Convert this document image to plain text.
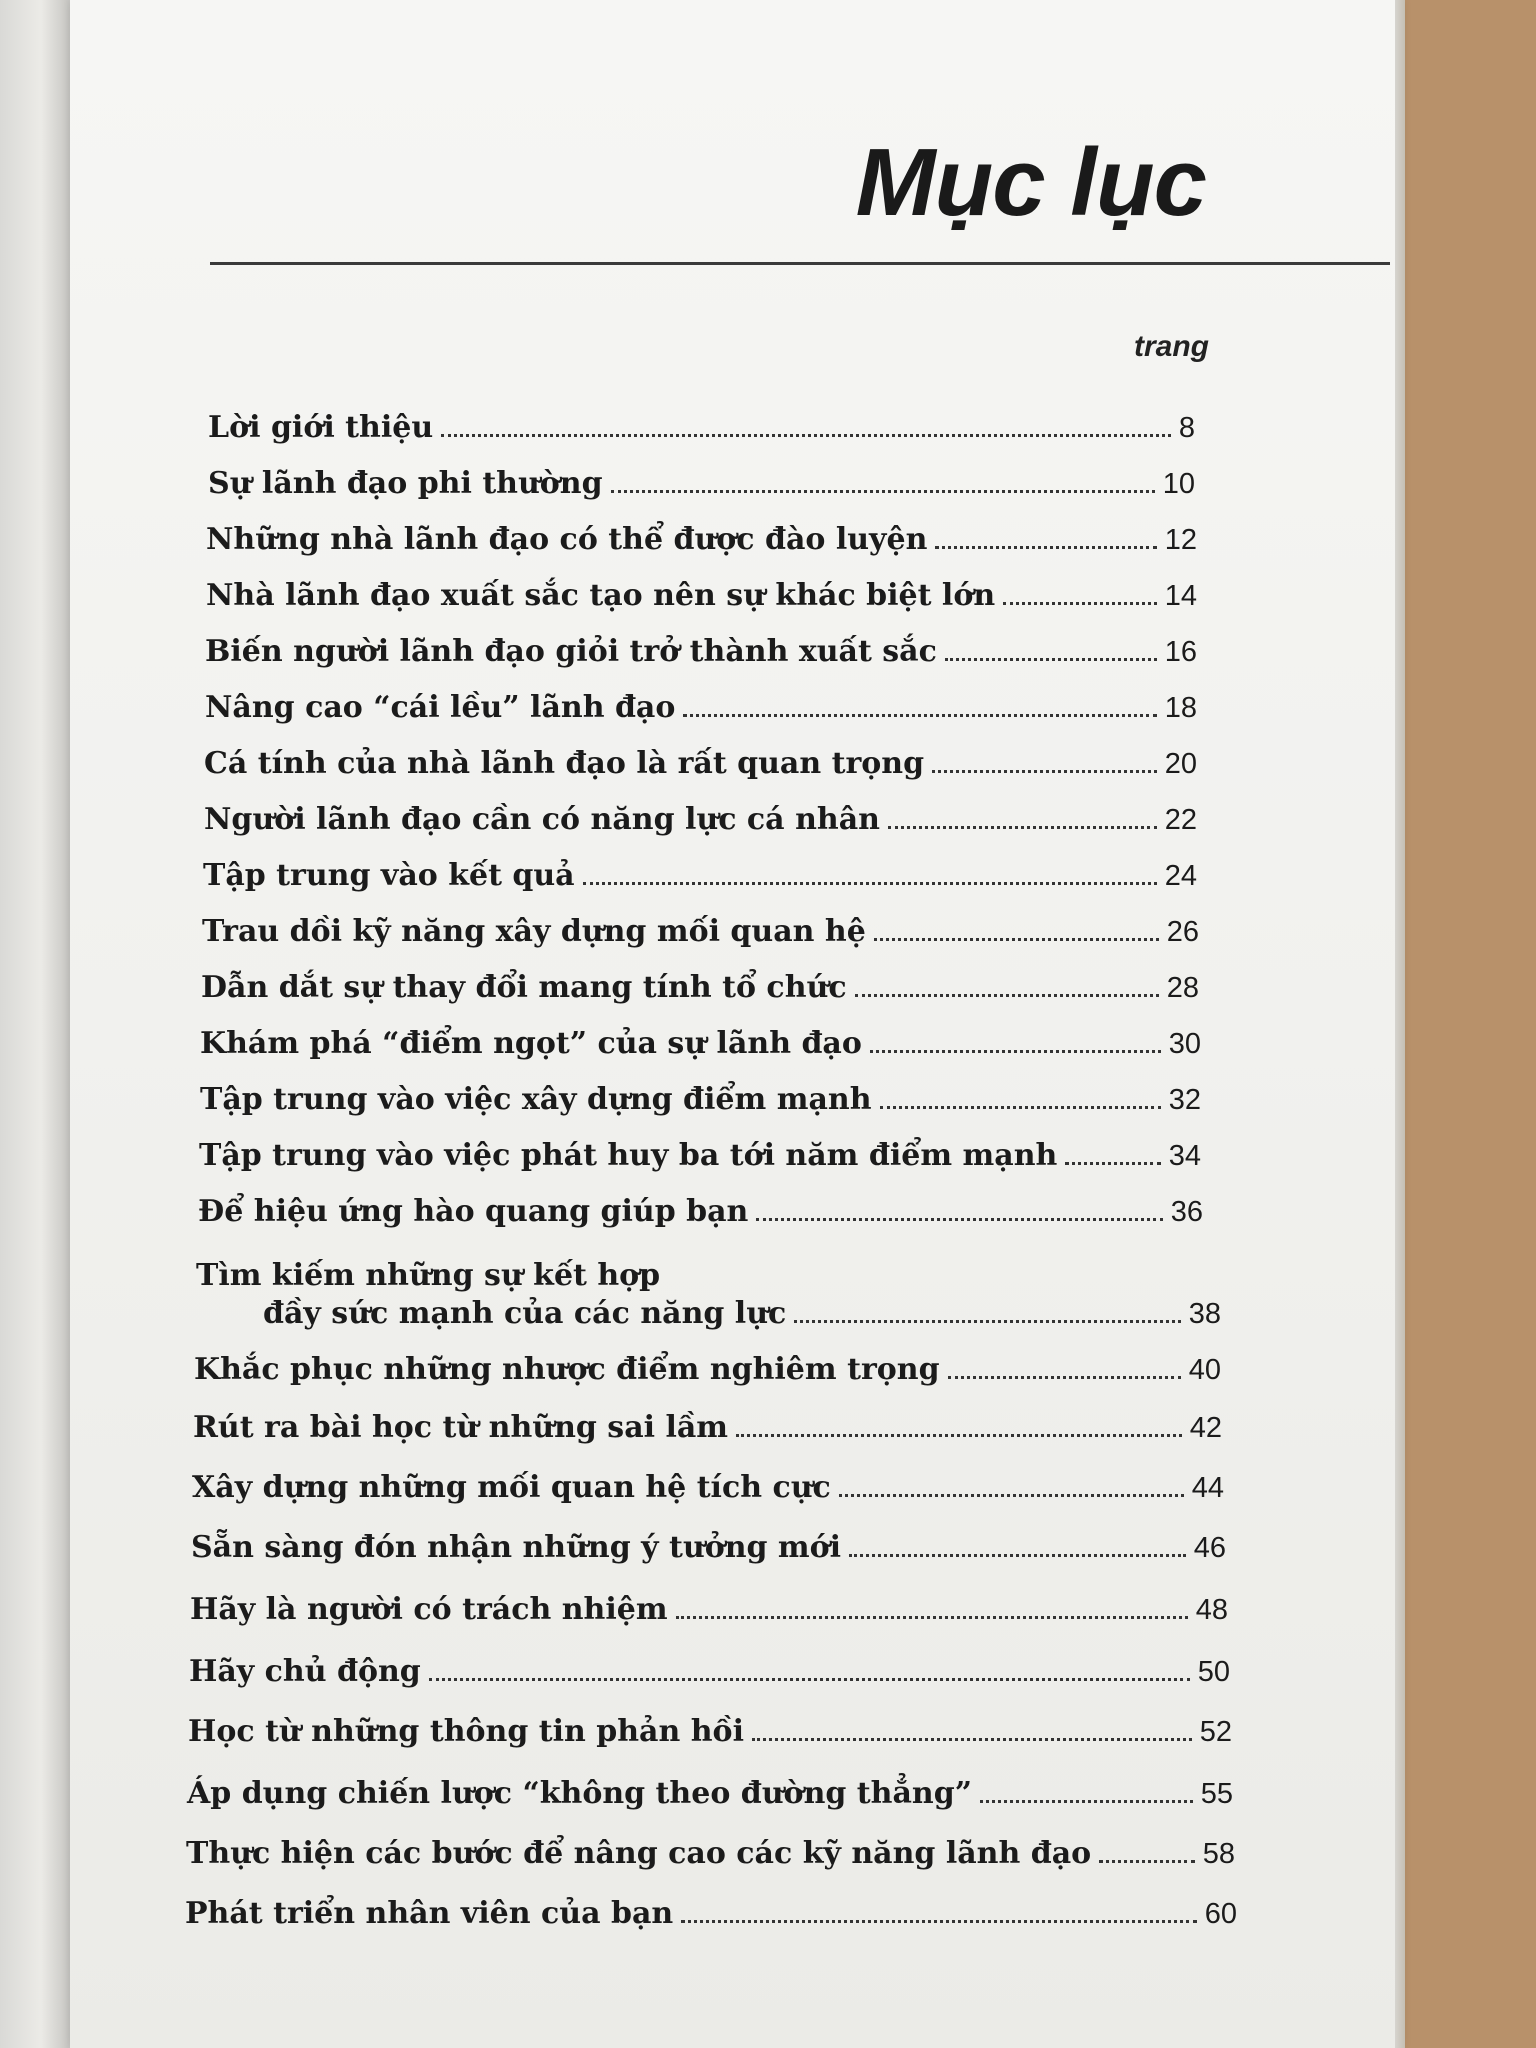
Mục lục
trang
Lời giới thiệu	8
Sự lãnh đạo phi thường	10
Những nhà lãnh đạo có thể được đào luyện	12
Nhà lãnh đạo xuất sắc tạo nên sự khác biệt lớn	14
Biến người lãnh đạo giỏi trở thành xuất sắc	16
Nâng cao “cái lều” lãnh đạo	18
Cá tính của nhà lãnh đạo là rất quan trọng	20
Người lãnh đạo cần có năng lực cá nhân	22
Tập trung vào kết quả	24
Trau dồi kỹ năng xây dựng mối quan hệ	26
Dẫn dắt sự thay đổi mang tính tổ chức	28
Khám phá “điểm ngọt” của sự lãnh đạo	30
Tập trung vào việc xây dựng điểm mạnh	32
Tập trung vào việc phát huy ba tới năm điểm mạnh	34
Để hiệu ứng hào quang giúp bạn	36
Tìm kiếm những sự kết hợp
đầy sức mạnh của các năng lực	38
Khắc phục những nhược điểm nghiêm trọng	40
Rút ra bài học từ những sai lầm	42
Xây dựng những mối quan hệ tích cực	44
Sẵn sàng đón nhận những ý tưởng mới	46
Hãy là người có trách nhiệm	48
Hãy chủ động	50
Học từ những thông tin phản hồi	52
Áp dụng chiến lược “không theo đường thẳng”	55
Thực hiện các bước để nâng cao các kỹ năng lãnh đạo	58
Phát triển nhân viên của bạn	60
